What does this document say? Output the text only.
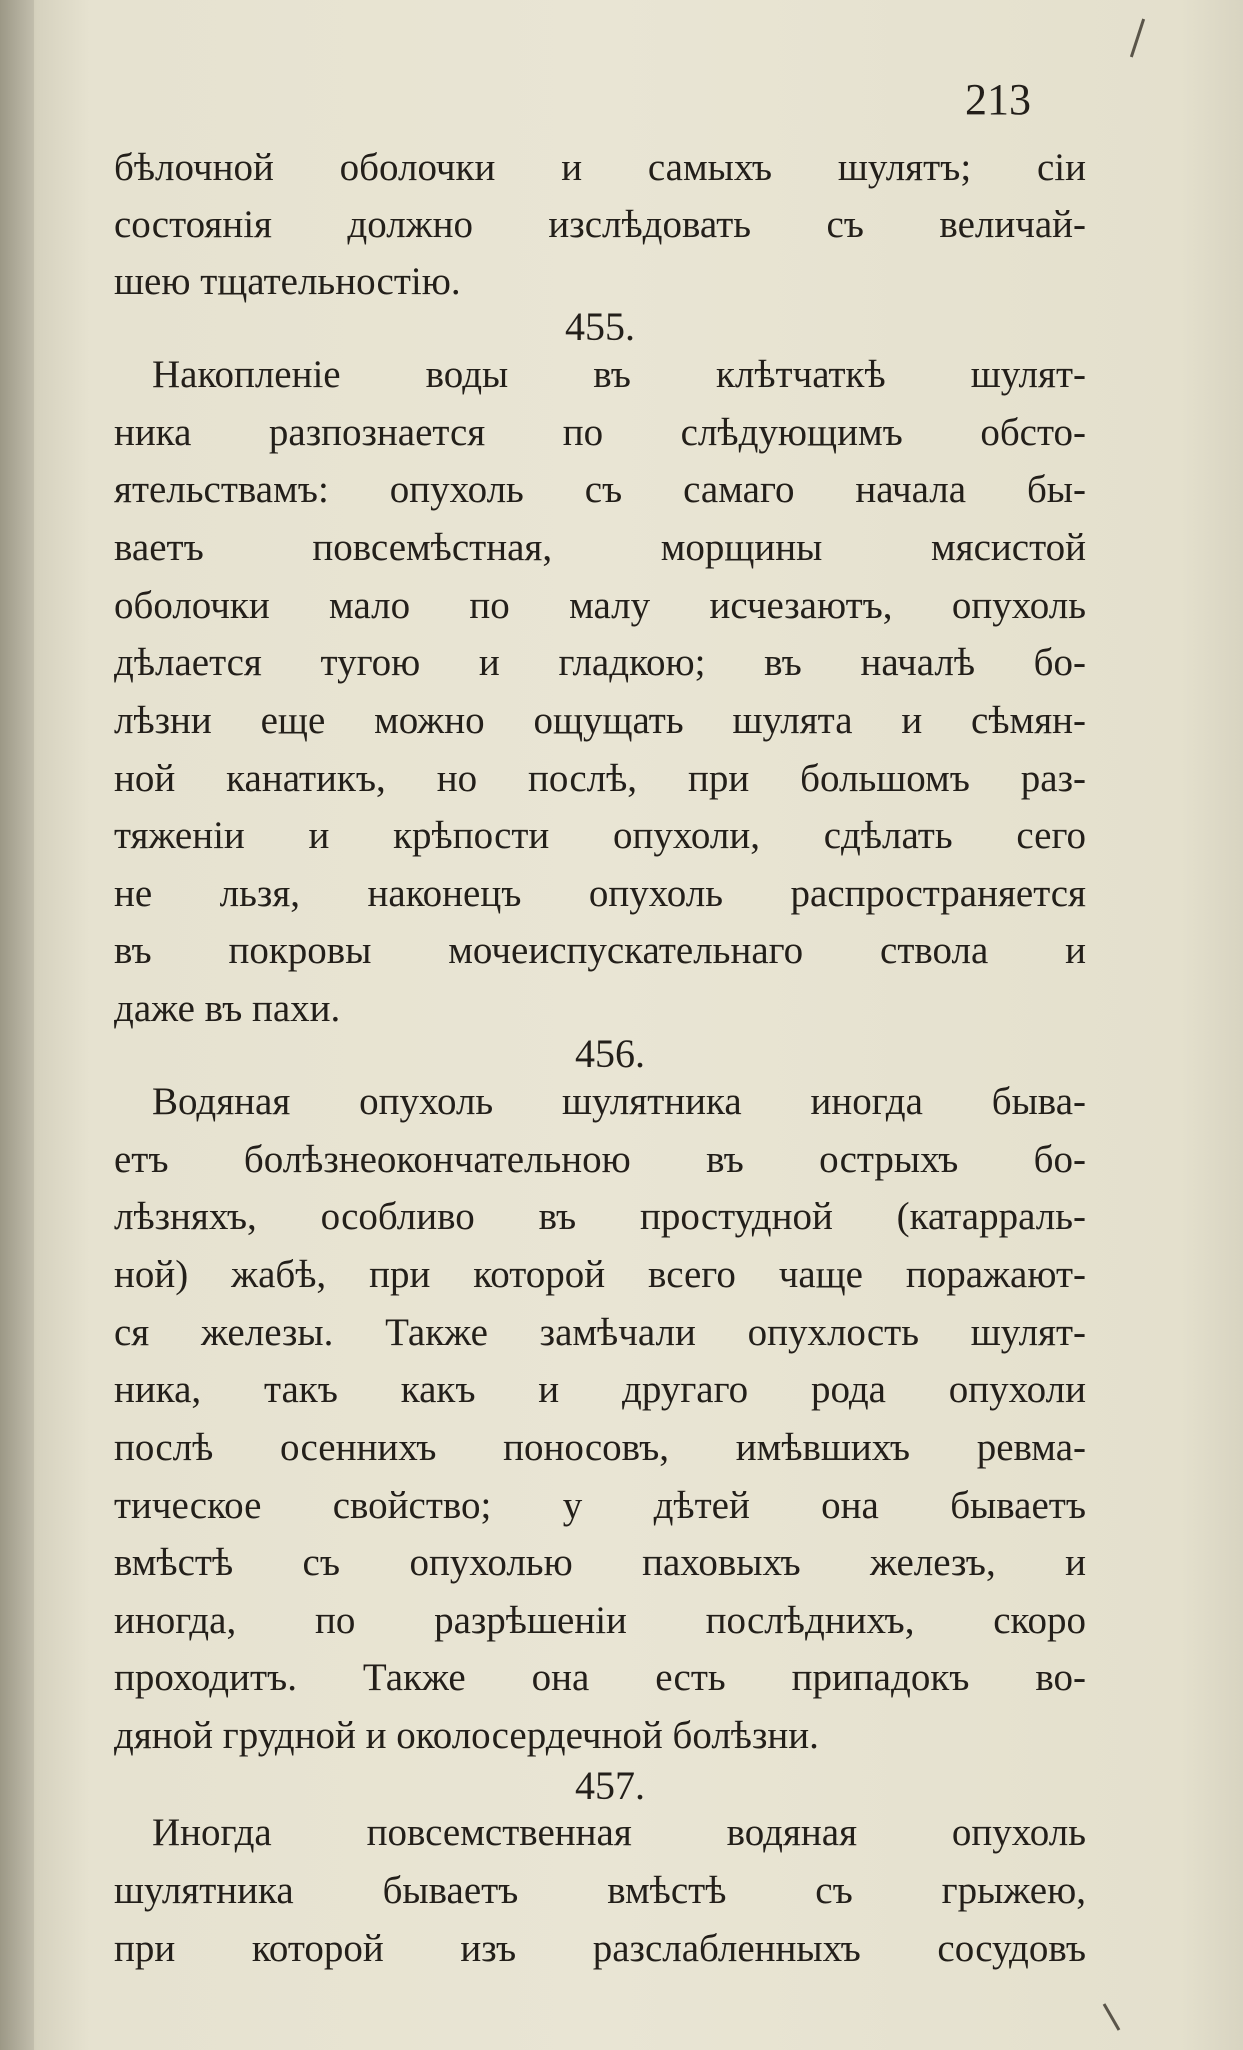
213

бѣлочной оболочки и самыхъ шулятъ; сіи

состоянія должно изслѣдовать съ величай-

шею тщательностію.

455.

Накопленіе воды въ клѣтчаткѣ шулят-

ника разпознается по слѣдующимъ обсто-

ятельствамъ: опухоль съ самаго начала бы-

ваетъ повсемѣстная, морщины мясистой

оболочки мало по малу исчезаютъ, опухоль

дѣлается тугою и гладкою; въ началѣ бо-

лѣзни еще можно ощущать шулята и сѣмян-

ной канатикъ, но послѣ, при большомъ раз-

тяженіи и крѣпости опухоли, сдѣлать сего

не льзя, наконецъ опухоль распространяется

въ покровы мочеиспускательнаго ствола и

даже въ пахи.

456.

Водяная опухоль шулятника иногда быва-

етъ болѣзнеокончательною въ острыхъ бо-

лѣзняхъ, особливо въ простудной (катарраль-

ной) жабѣ, при которой всего чаще поражают-

ся железы. Также замѣчали опухлость шулят-

ника, такъ какъ и другаго рода опухоли

послѣ осеннихъ поносовъ, имѣвшихъ ревма-

тическое свойство; у дѣтей она бываетъ

вмѣстѣ съ опухолью паховыхъ железъ, и

иногда, по разрѣшеніи послѣднихъ, скоро

проходитъ. Также она есть припадокъ во-

дяной грудной и околосердечной болѣзни.

457.

Иногда повсемственная водяная опухоль

шулятника бываетъ вмѣстѣ съ грыжею,

при которой изъ разслабленныхъ сосудовъ
